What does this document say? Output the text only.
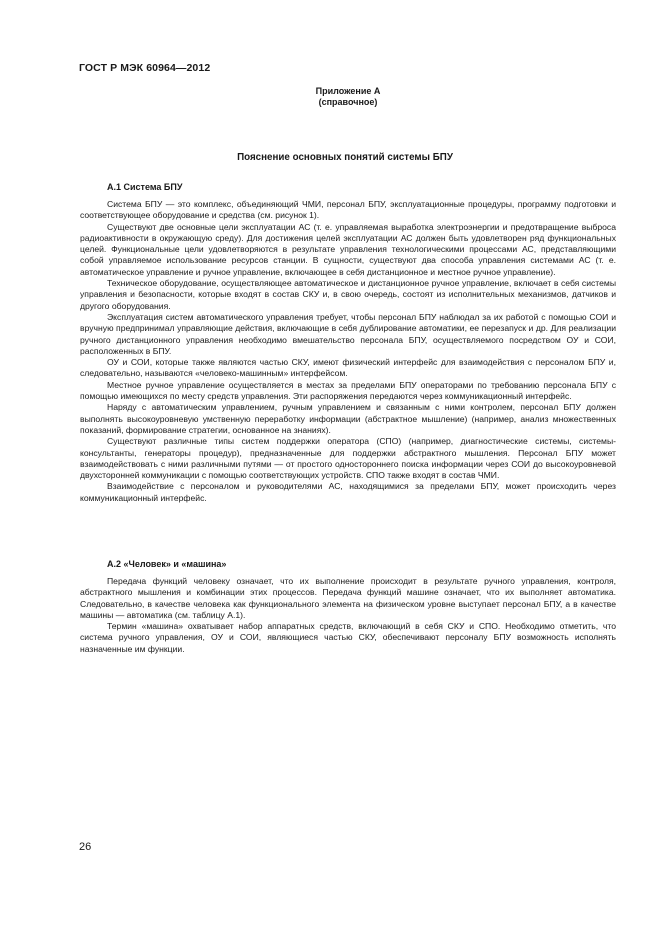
ГОСТ Р МЭК 60964—2012
Приложение А
(справочное)
Пояснение основных понятий системы БПУ
А.1 Система БПУ

Система БПУ — это комплекс, объединяющий ЧМИ, персонал БПУ, эксплуатационные процедуры, программу подготовки и соответствующее оборудование и средства (см. рисунок 1).

Существуют две основные цели эксплуатации АС (т. е. управляемая выработка электроэнергии и предотвращение выброса радиоактивности в окружающую среду). Для достижения целей эксплуатации АС должен быть удовлетворен ряд функциональных целей. Функциональные цели удовлетворяются в результате управления технологическими процессами АС, представляющими собой управляемое использование ресурсов станции. В сущности, существуют два способа управления системами АС (т. е. автоматическое управление и ручное управление, включающее в себя дистанционное и местное ручное управление).

Техническое оборудование, осуществляющее автоматическое и дистанционное ручное управление, включает в себя системы управления и безопасности, которые входят в состав СКУ и, в свою очередь, состоят из исполнительных механизмов, датчиков и другого оборудования.

Эксплуатация систем автоматического управления требует, чтобы персонал БПУ наблюдал за их работой с помощью СОИ и вручную предпринимал управляющие действия, включающие в себя дублирование автоматики, ее перезапуск и др. Для реализации ручного дистанционного управления необходимо вмешательство персонала БПУ, осуществляемого посредством ОУ и СОИ, расположенных в БПУ.

ОУ и СОИ, которые также являются частью СКУ, имеют физический интерфейс для взаимодействия с персоналом БПУ и, следовательно, называются «человеко-машинным» интерфейсом.

Местное ручное управление осуществляется в местах за пределами БПУ операторами по требованию персонала БПУ с помощью имеющихся по месту средств управления. Эти распоряжения передаются через коммуникационный интерфейс.

Наряду с автоматическим управлением, ручным управлением и связанным с ними контролем, персонал БПУ должен выполнять высокоуровневую умственную переработку информации (абстрактное мышление) (например, анализ множественных показаний, формирование стратегии, основанное на знаниях).

Существуют различные типы систем поддержки оператора (СПО) (например, диагностические системы, системы-консультанты, генераторы процедур), предназначенные для поддержки абстрактного мышления. Персонал БПУ может взаимодействовать с ними различными путями — от простого одностороннего поиска информации через СОИ до высокоуровневой двухсторонней коммуникации с помощью соответствующих устройств. СПО также входят в состав ЧМИ.

Взаимодействие с персоналом и руководителями АС, находящимися за пределами БПУ, может происходить через коммуникационный интерфейс.

А.2 «Человек» и «машина»

Передача функций человеку означает, что их выполнение происходит в результате ручного управления, контроля, абстрактного мышления и комбинации этих процессов. Передача функций машине означает, что их выполняет автоматика. Следовательно, в качестве человека как функционального элемента на физическом уровне выступает персонал БПУ, а в качестве машины — автоматика (см. таблицу А.1).

Термин «машина» охватывает набор аппаратных средств, включающий в себя СКУ и СПО. Необходимо отметить, что система ручного управления, ОУ и СОИ, являющиеся частью СКУ, обеспечивают персоналу БПУ возможность исполнять назначенные им функции.

26
